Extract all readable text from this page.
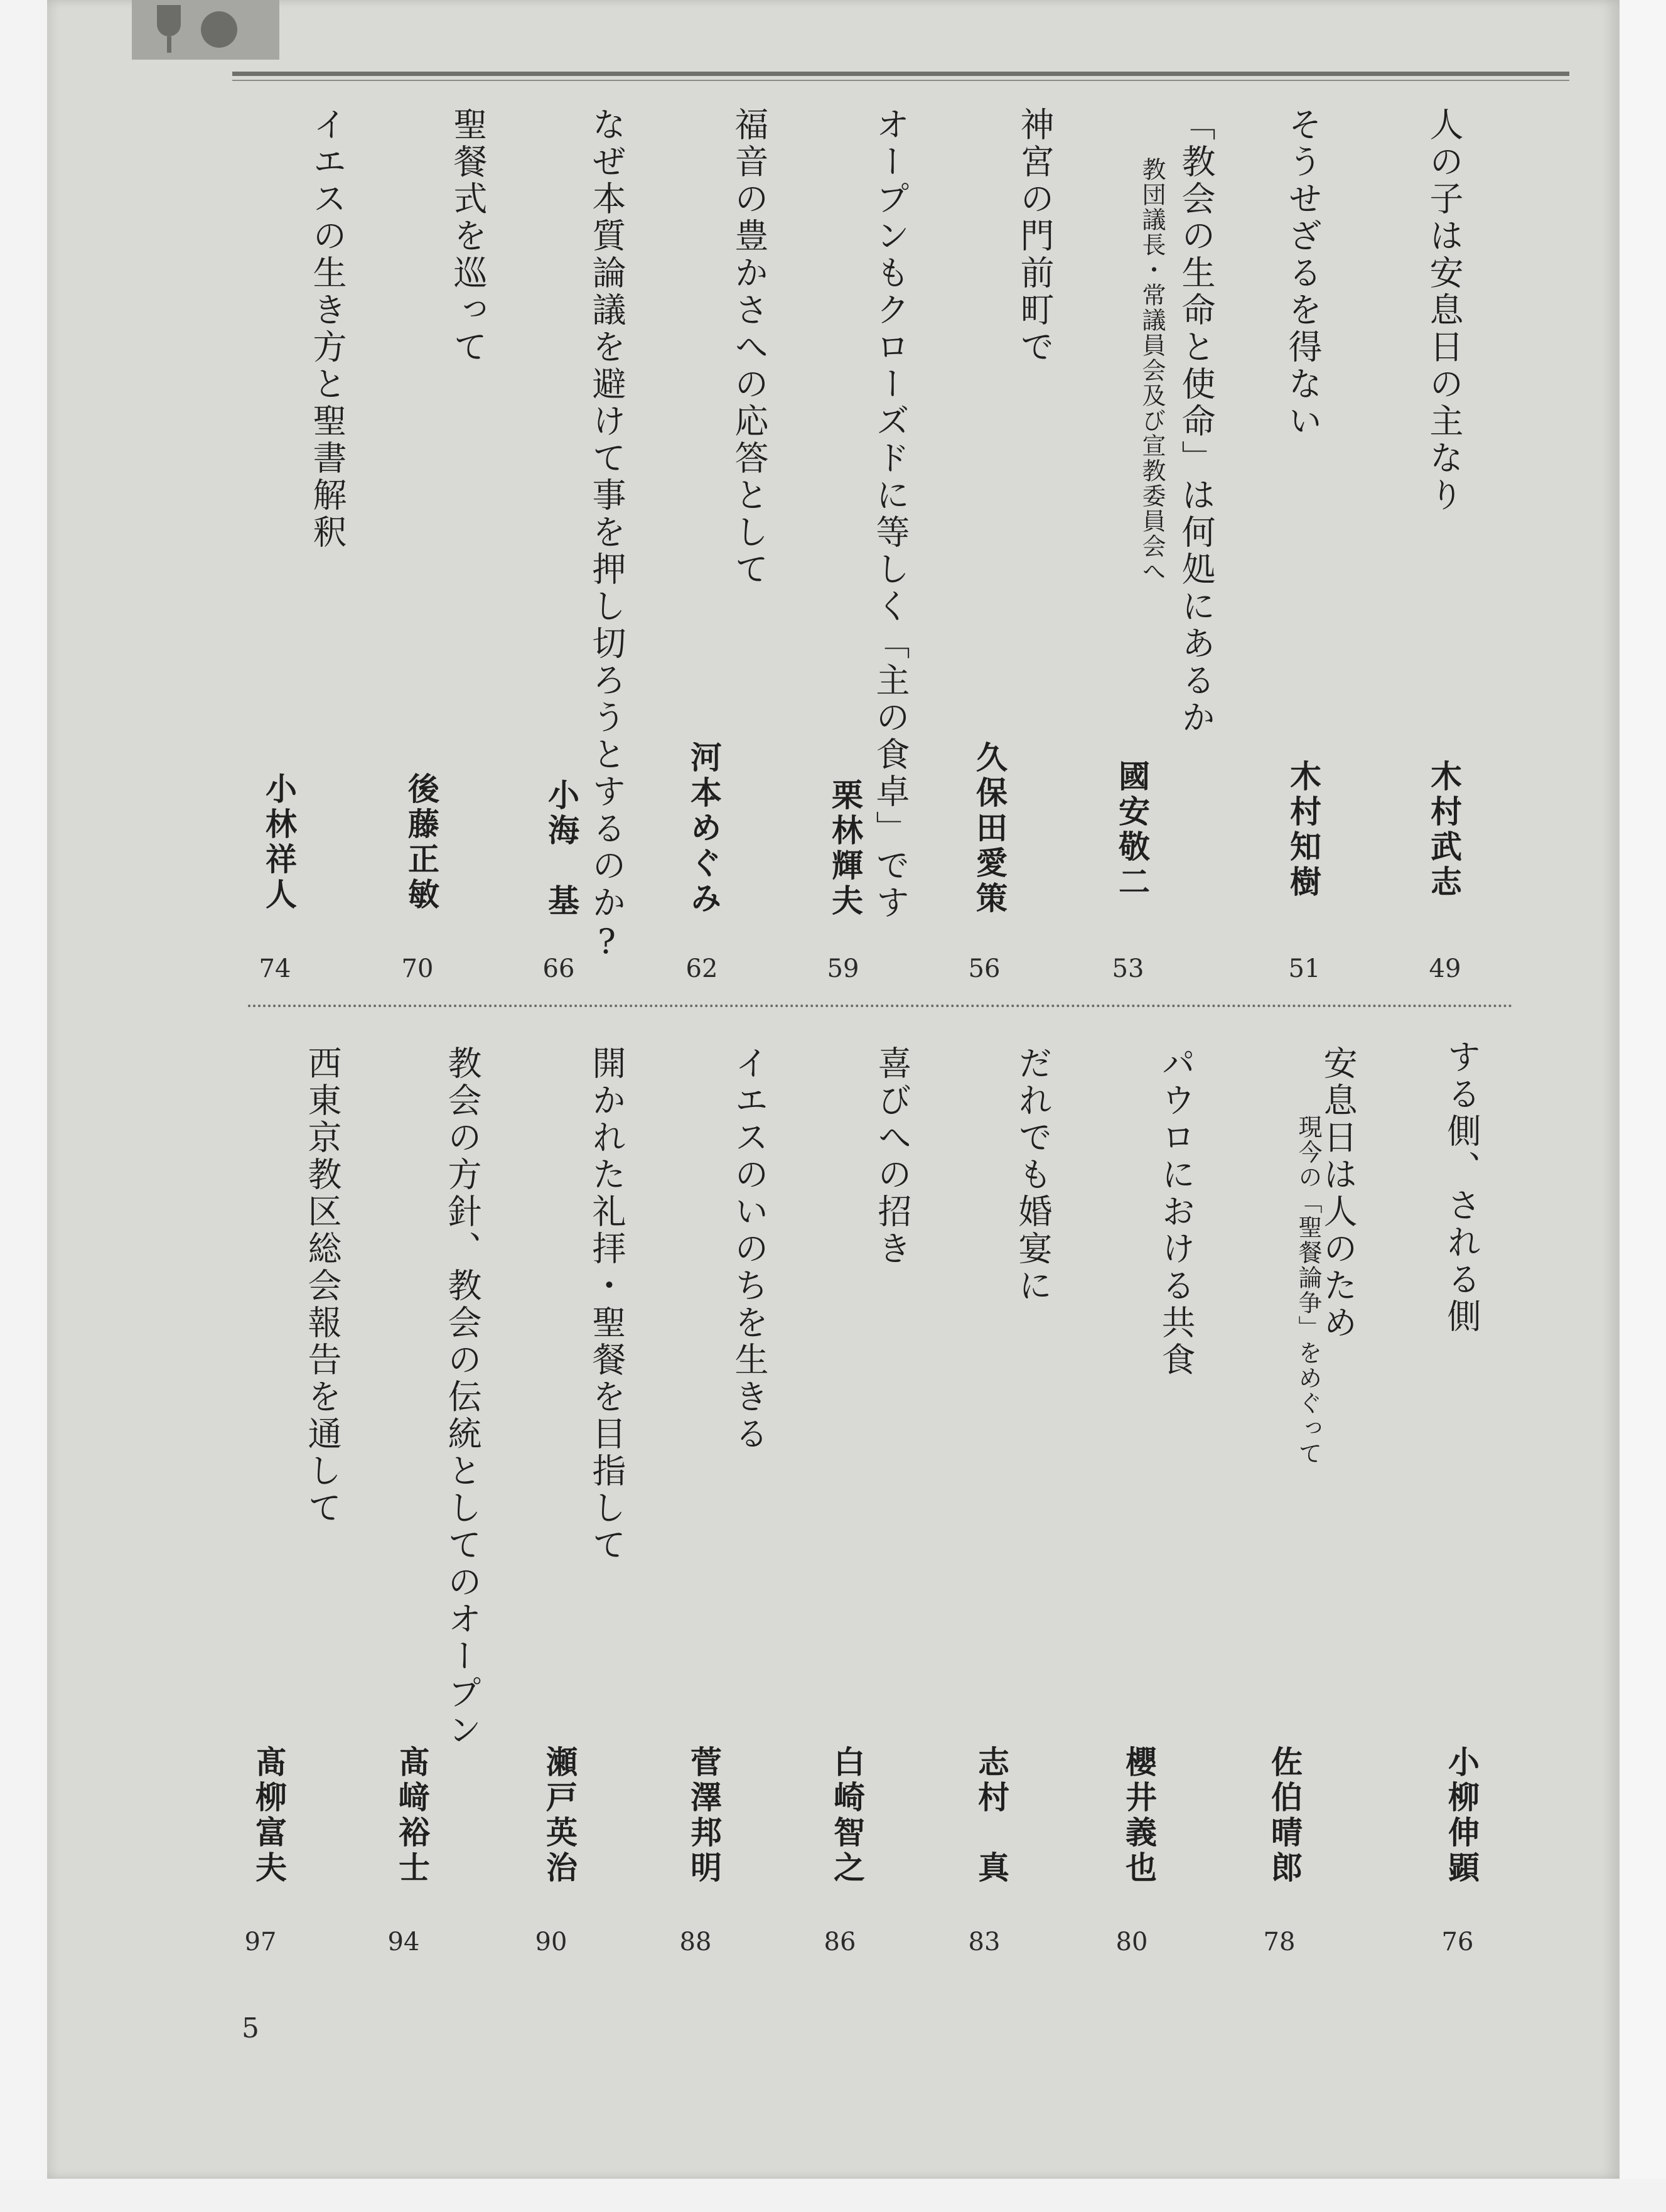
人の子は安息日の主なり
木村武志
49
そうせざるを得ない
木村知樹
51
「教会の生命と使命」は何処にあるか
教団議長・常議員会及び宣教委員会へ
國安敬二
53
神宮の門前町で
久保田愛策
56
オープンもクローズドに等しく「主の食卓」です
栗林輝夫
59
福音の豊かさへの応答として
河本めぐみ
62
なぜ本質論議を避けて事を押し切ろうとするのか?
小海　基
66
聖餐式を巡って
後藤正敏
70
イエスの生き方と聖書解釈
小林祥人
74
する側、される側
小柳伸顕
76
安息日は人のため
現今の「聖餐論争」をめぐって
佐伯晴郎
78
パウロにおける共食
櫻井義也
80
だれでも婚宴に
志村　真
83
喜びへの招き
白崎智之
86
イエスのいのちを生きる
菅澤邦明
88
開かれた礼拝・聖餐を目指して
瀬戸英治
90
教会の方針、教会の伝統としてのオープン
髙﨑裕士
94
西東京教区総会報告を通して
髙柳富夫
97
5
